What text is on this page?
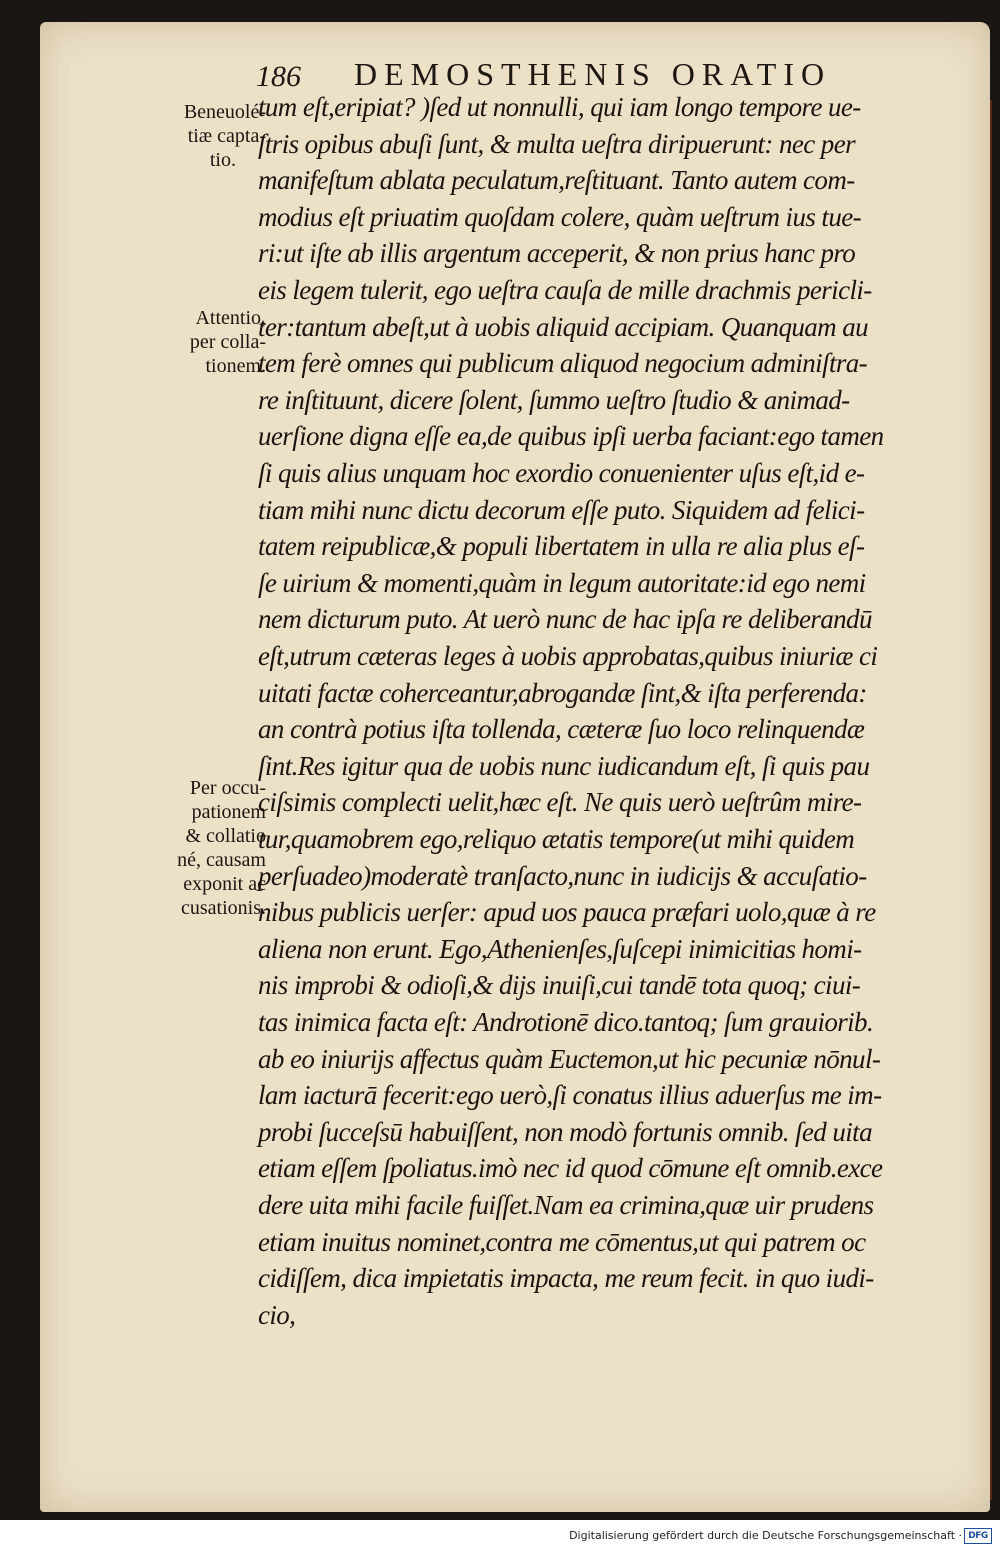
186 DEMOSTHENIS ORATIO
Beneuolé-
tiæ capta-
tio.
Attentio,
per colla-
tionem.
Per occu-
pationem
& collatio
né, causam
exponit ac
cusationis.
tum eſt,eripiat? )ſed ut nonnulli, qui iam longo tempore ue-
ſtris opibus abuſi ſunt, & multa ueſtra diripuerunt: nec per
manifeſtum ablata peculatum,reſtituant. Tanto autem com-
modius eſt priuatim quoſdam colere, quàm ueſtrum ius tue-
ri:ut iſte ab illis argentum acceperit, & non prius hanc pro
eis legem tulerit, ego ueſtra cauſa de mille drachmis pericli-
ter:tantum abeſt,ut à uobis aliquid accipiam. Quanquam au
tem ferè omnes qui publicum aliquod negocium adminiſtra-
re inſtituunt, dicere ſolent, ſummo ueſtro ſtudio & animad-
uerſione digna eſſe ea,de quibus ipſi uerba faciant:ego tamen
ſi quis alius unquam hoc exordio conuenienter uſus eſt,id e-
tiam mihi nunc dictu decorum eſſe puto. Siquidem ad felici-
tatem reipublicæ,& populi libertatem in ulla re alia plus eſ-
ſe uirium & momenti,quàm in legum autoritate:id ego nemi
nem dicturum puto. At uerò nunc de hac ipſa re deliberandū
eſt,utrum cæteras leges à uobis approbatas,quibus iniuriæ ci
uitati factæ coherceantur,abrogandæ ſint,& iſta perferenda:
an contrà potius iſta tollenda, cæteræ ſuo loco relinquendæ
ſint.Res igitur qua de uobis nunc iudicandum eſt, ſi quis pau
ciſsimis complecti uelit,hæc eſt. Ne quis uerò ueſtrûm mire-
tur,quamobrem ego,reliquo ætatis tempore(ut mihi quidem
perſuadeo)moderatè tranſacto,nunc in iudicijs & accuſatio-
nibus publicis uerſer: apud uos pauca præfari uolo,quæ à re
aliena non erunt. Ego,Athenienſes,ſuſcepi inimicitias homi-
nis improbi & odioſi,& dijs inuiſi,cui tandē tota quoq; ciui-
tas inimica facta eſt: Androtionē dico.tantoq; ſum grauiorib.
ab eo iniurijs affectus quàm Euctemon,ut hic pecuniæ nōnul-
lam iacturā fecerit:ego uerò,ſi conatus illius aduerſus me im-
probi ſucceſsū habuiſſent, non modò fortunis omnib. ſed uita
etiam eſſem ſpoliatus.imò nec id quod cōmune eſt omnib.exce
dere uita mihi facile fuiſſet.Nam ea crimina,quæ uir prudens
etiam inuitus nominet,contra me cōmentus,ut qui patrem oc
cidiſſem, dica impietatis impacta, me reum fecit. in quo iudi-
cio,
Digitalisierung gefördert durch die Deutsche Forschungsgemeinschaft · DFG
